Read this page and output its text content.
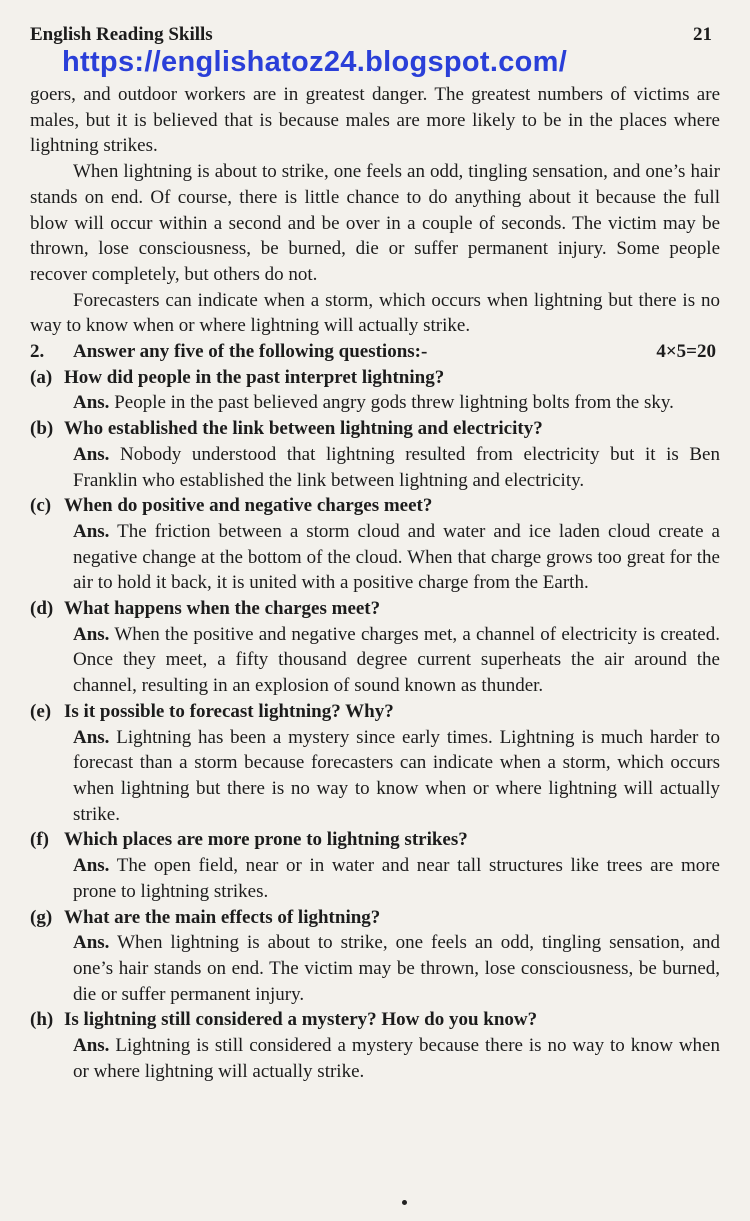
English Reading Skills	21
https://englishatoz24.blogspot.com/

goers, and outdoor workers are in greatest danger. The greatest numbers of victims are males, but it is believed that is because males are more likely to be in the places where lightning strikes.

When lightning is about to strike, one feels an odd, tingling sensation, and one’s hair stands on end. Of course, there is little chance to do anything about it because the full blow will occur within a second and be over in a couple of seconds. The victim may be thrown, lose consciousness, be burned, die or suffer permanent injury. Some people recover completely, but others do not.

Forecasters can indicate when a storm, which occurs when lightning but there is no way to know when or where lightning will actually strike.

2. Answer any five of the following questions:-	4×5=20

(a) How did people in the past interpret lightning?

Ans. People in the past believed angry gods threw lightning bolts from the sky.

(b) Who established the link between lightning and electricity?

Ans. Nobody understood that lightning resulted from electricity but it is Ben Franklin who established the link between lightning and electricity.

(c) When do positive and negative charges meet?

Ans. The friction between a storm cloud and water and ice laden cloud create a negative change at the bottom of the cloud. When that charge grows too great for the air to hold it back, it is united with a positive charge from the Earth.

(d) What happens when the charges meet?

Ans. When the positive and negative charges met, a channel of electricity is created. Once they meet, a fifty thousand degree current superheats the air around the channel, resulting in an explosion of sound known as thunder.

(e) Is it possible to forecast lightning? Why?

Ans. Lightning has been a mystery since early times. Lightning is much harder to forecast than a storm because forecasters can indicate when a storm, which occurs when lightning but there is no way to know when or where lightning will actually strike.

(f) Which places are more prone to lightning strikes?

Ans. The open field, near or in water and near tall structures like trees are more prone to lightning strikes.

(g) What are the main effects of lightning?

Ans. When lightning is about to strike, one feels an odd, tingling sensation, and one’s hair stands on end. The victim may be thrown, lose consciousness, be burned, die or suffer permanent injury.

(h) Is lightning still considered a mystery? How do you know?

Ans. Lightning is still considered a mystery because there is no way to know when or where lightning will actually strike.
